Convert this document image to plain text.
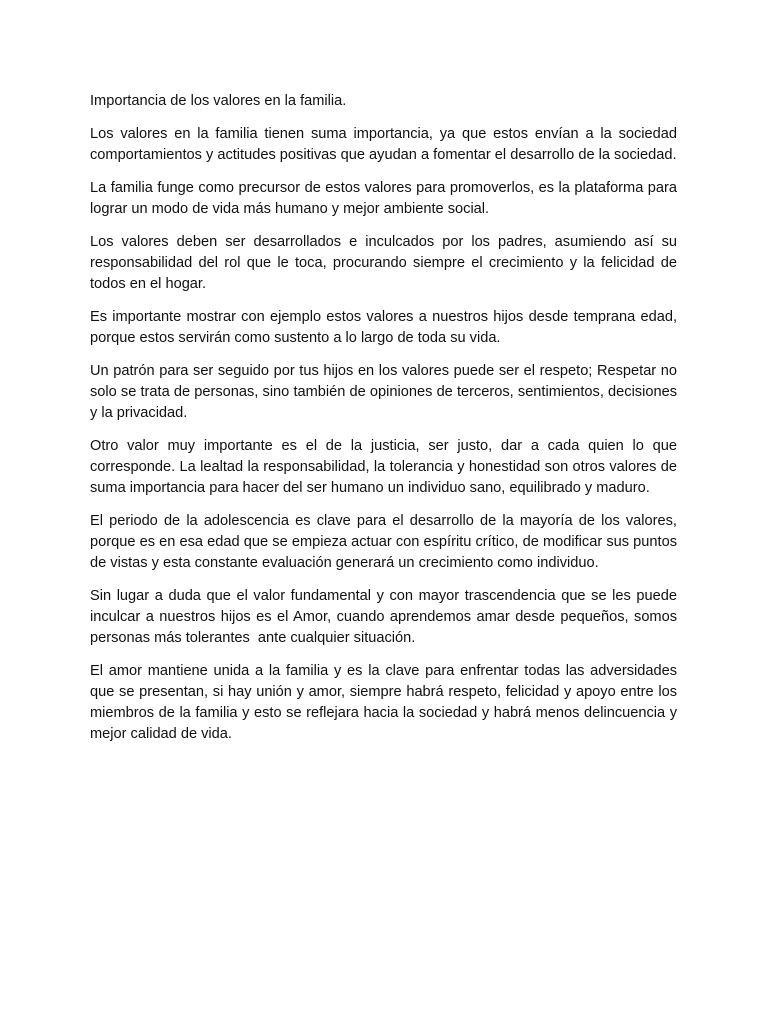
Importancia de los valores en la familia.

Los valores en la familia tienen suma importancia, ya que estos envían a la sociedad comportamientos y actitudes positivas que ayudan a fomentar el desarrollo de la sociedad.

La familia funge como precursor de estos valores para promoverlos, es la plataforma para lograr un modo de vida más humano y mejor ambiente social.

Los valores deben ser desarrollados e inculcados por los padres, asumiendo así su responsabilidad del rol que le toca, procurando siempre el crecimiento y la felicidad de todos en el hogar.

Es importante mostrar con ejemplo estos valores a nuestros hijos desde temprana edad, porque estos servirán como sustento a lo largo de toda su vida.

Un patrón para ser seguido por tus hijos en los valores puede ser el respeto; Respetar no solo se trata de personas, sino también de opiniones de terceros, sentimientos, decisiones y la privacidad.

Otro valor muy importante es el de la justicia, ser justo, dar a cada quien lo que corresponde. La lealtad la responsabilidad, la tolerancia y honestidad son otros valores de suma importancia para hacer del ser humano un individuo sano, equilibrado y maduro.

El periodo de la adolescencia es clave para el desarrollo de la mayoría de los valores, porque es en esa edad que se empieza actuar con espíritu crítico, de modificar sus puntos de vistas y esta constante evaluación generará un crecimiento como individuo.

Sin lugar a duda que el valor fundamental y con mayor trascendencia que se les puede inculcar a nuestros hijos es el Amor, cuando aprendemos amar desde pequeños, somos personas más tolerantes  ante cualquier situación.

El amor mantiene unida a la familia y es la clave para enfrentar todas las adversidades que se presentan, si hay unión y amor, siempre habrá respeto, felicidad y apoyo entre los miembros de la familia y esto se reflejara hacia la sociedad y habrá menos delincuencia y mejor calidad de vida.
